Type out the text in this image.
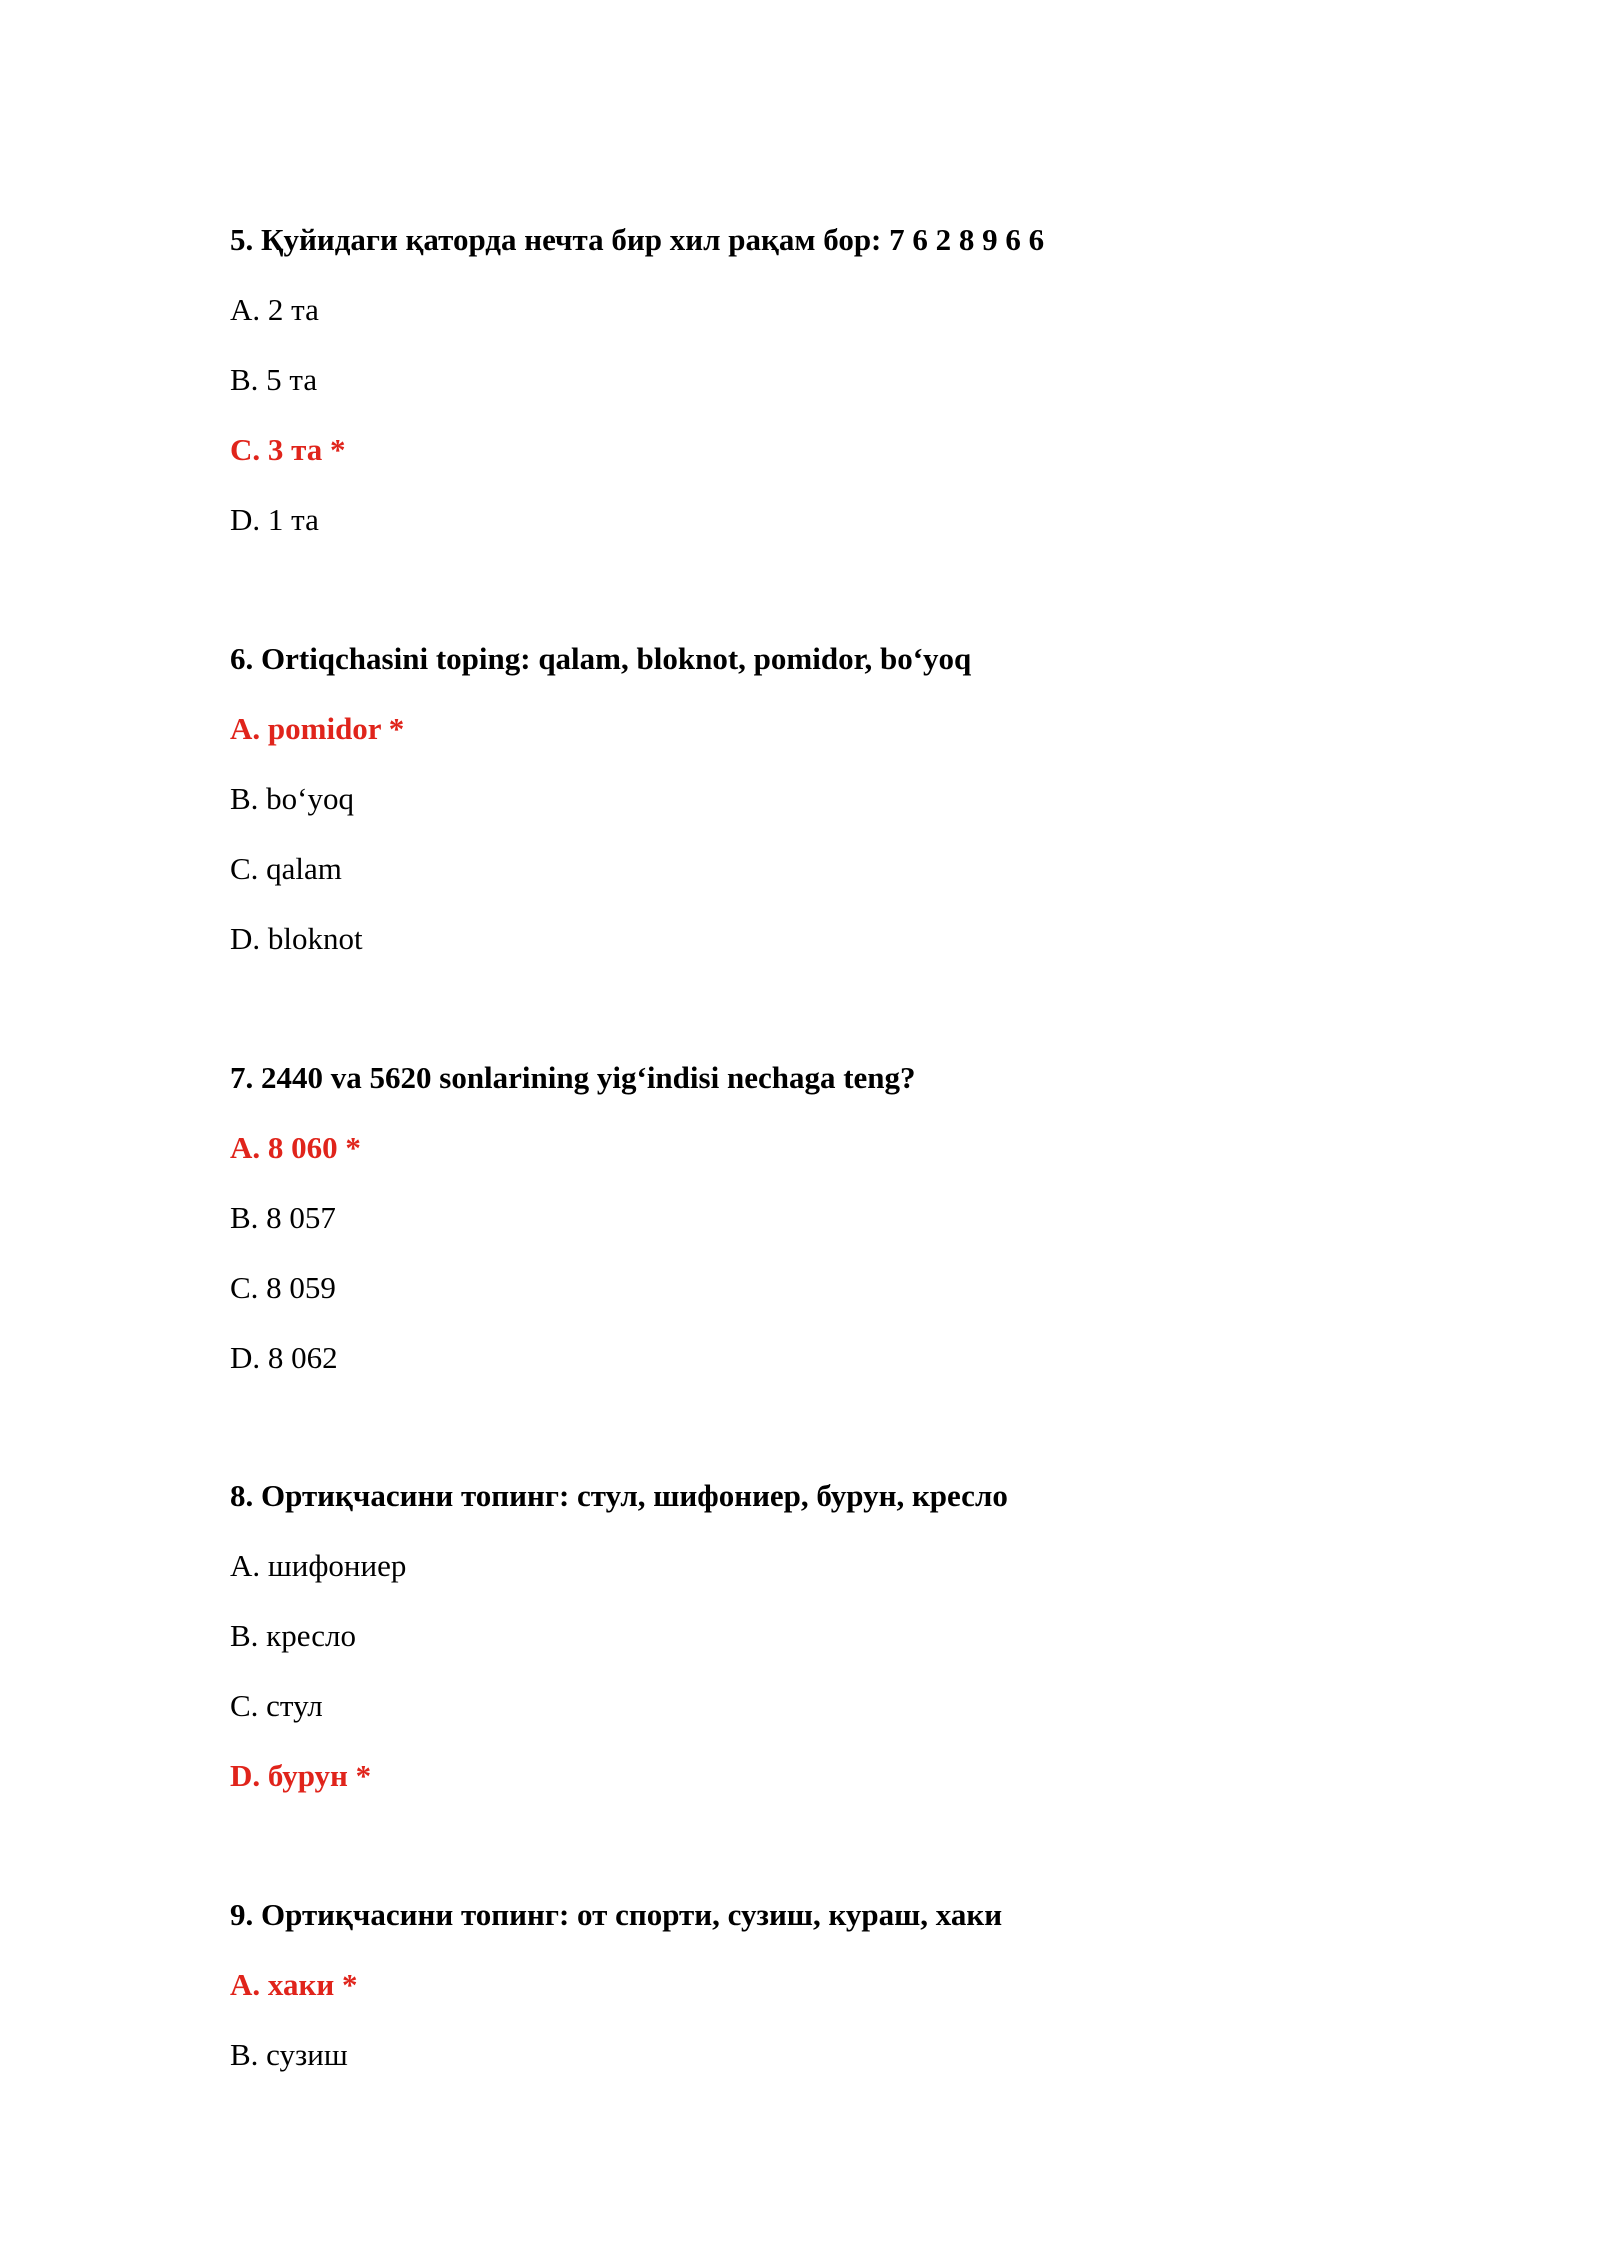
5. Қуйидаги қаторда нечта бир хил рақам бор: 7 6 2 8 9 6 6
A. 2 та
B. 5 та
C. 3 та *
D. 1 та
6. Ortiqchasini toping: qalam, bloknot, pomidor, bo‘yoq
A. pomidor *
B. bo‘yoq
C. qalam
D. bloknot
7. 2440 va 5620 sonlarining yig‘indisi nechaga teng?
A. 8 060 *
B. 8 057
C. 8 059
D. 8 062
8. Ортиқчасини топинг: стул, шифониер, бурун, кресло
A. шифониер
B. кресло
C. стул
D. бурун *
9. Ортиқчасини топинг: от спорти, сузиш, кураш, хаки
A. хаки *
B. сузиш
